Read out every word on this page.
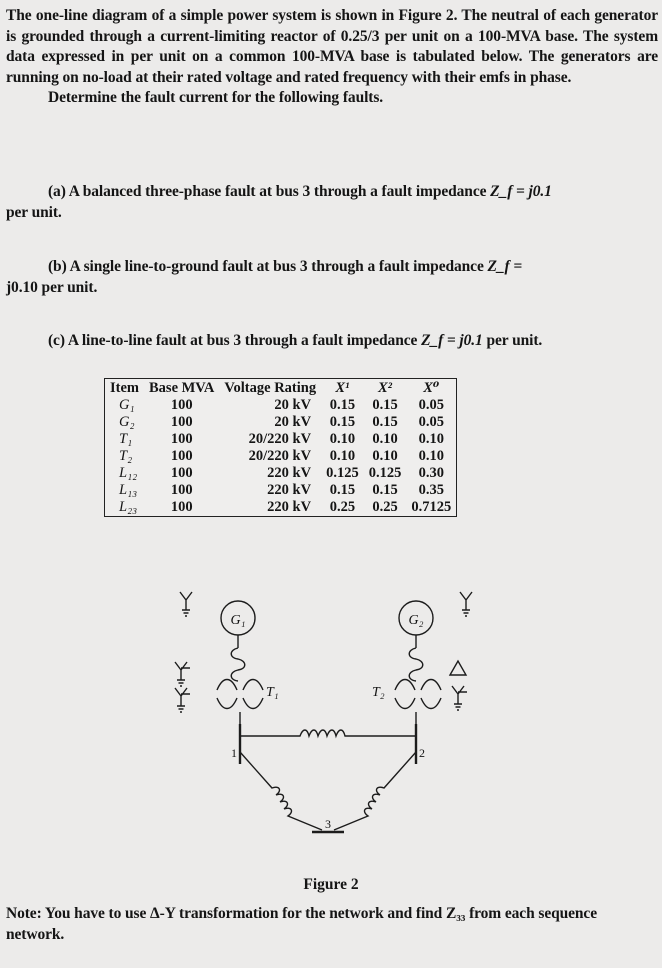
The one-line diagram of a simple power system is shown in Figure 2. The neutral of each generator is grounded through a current-limiting reactor of 0.25/3 per unit on a 100-MVA base. The system data expressed in per unit on a common 100-MVA base is tabulated below. The generators are running on no-load at their rated voltage and rated frequency with their emfs in phase.
Determine the fault current for the following faults.
(a) A balanced three-phase fault at bus 3 through a fault impedance Z_f = j0.1
per unit.
(b) A single line-to-ground fault at bus 3 through a fault impedance Z_f =
j0.10 per unit.
(c) A line-to-line fault at bus 3 through a fault impedance Z_f = j0.1 per unit.
Item	Base MVA	Voltage Rating	X¹	X²	X⁰
G₁	100	20 kV	0.15	0.15	0.05
G₂	100	20 kV	0.15	0.15	0.05
T₁	100	20/220 kV	0.10	0.10	0.10
T₂	100	20/220 kV	0.10	0.10	0.10
L₁₂	100	220 kV	0.125	0.125	0.30
L₁₃	100	220 kV	0.15	0.15	0.35
L₂₃	100	220 kV	0.25	0.25	0.7125
G₁	G₂
T₁	T₂
1	2
3
Figure 2
Note: You have to use Δ-Y transformation for the network and find Z₃₃ from each sequence network.
